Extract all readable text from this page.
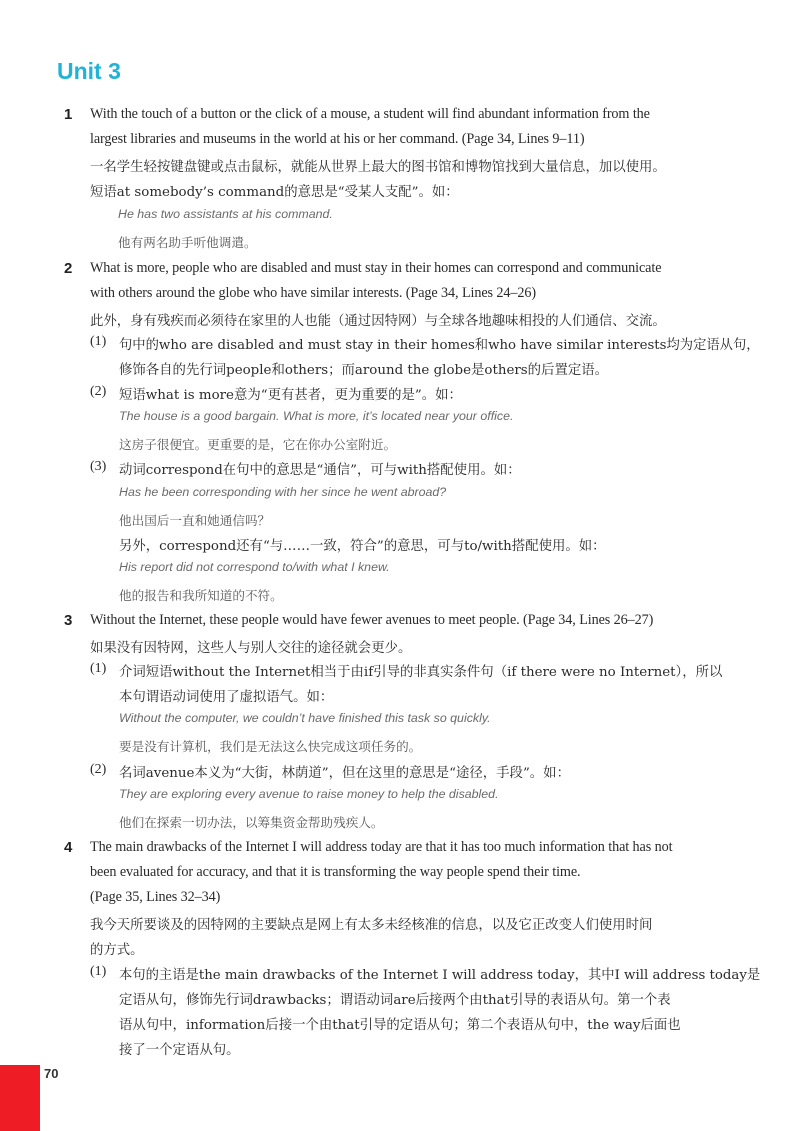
Unit 3
1 With the touch of a button or the click of a mouse, a student will find abundant information from the
largest libraries and museums in the world at his or her command. (Page 34, Lines 9–11)
一名学生轻按键盘键或点击鼠标，就能从世界上最大的图书馆和博物馆找到大量信息，加以使用。
短语at somebody’s command的意思是“受某人支配”。如：
He has two assistants at his command.
他有两名助手听他调遣。
2 What is more, people who are disabled and must stay in their homes can correspond and communicate
with others around the globe who have similar interests. (Page 34, Lines 24–26)
此外，身有残疾而必须待在家里的人也能（通过因特网）与全球各地趣味相投的人们通信、交流。
(1) 句中的who are disabled and must stay in their homes和who have similar interests均为定语从句，
修饰各自的先行词people和others；而around the globe是others的后置定语。
(2) 短语what is more意为“更有甚者，更为重要的是”。如：
The house is a good bargain. What is more, it’s located near your office.
这房子很便宜。更重要的是，它在你办公室附近。
(3) 动词correspond在句中的意思是“通信”，可与with搭配使用。如：
Has he been corresponding with her since he went abroad?
他出国后一直和她通信吗？
另外，correspond还有“与……一致，符合”的意思，可与to/with搭配使用。如：
His report did not correspond to/with what I knew.
他的报告和我所知道的不符。
3 Without the Internet, these people would have fewer avenues to meet people. (Page 34, Lines 26–27)
如果没有因特网，这些人与别人交往的途径就会更少。
(1) 介词短语without the Internet相当于由if引导的非真实条件句（if there were no Internet），所以
本句谓语动词使用了虚拟语气。如：
Without the computer, we couldn’t have finished this task so quickly.
要是没有计算机，我们是无法这么快完成这项任务的。
(2) 名词avenue本义为“大街，林荫道”，但在这里的意思是“途径，手段”。如：
They are exploring every avenue to raise money to help the disabled.
他们在探索一切办法，以筹集资金帮助残疾人。
4 The main drawbacks of the Internet I will address today are that it has too much information that has not
been evaluated for accuracy, and that it is transforming the way people spend their time.
(Page 35, Lines 32–34)
我今天所要谈及的因特网的主要缺点是网上有太多未经核准的信息，以及它正改变人们使用时间
的方式。
(1) 本句的主语是the main drawbacks of the Internet I will address today，其中I will address today是
定语从句，修饰先行词drawbacks；谓语动词are后接两个由that引导的表语从句。第一个表
语从句中，information后接一个由that引导的定语从句；第二个表语从句中，the way后面也
接了一个定语从句。
70
